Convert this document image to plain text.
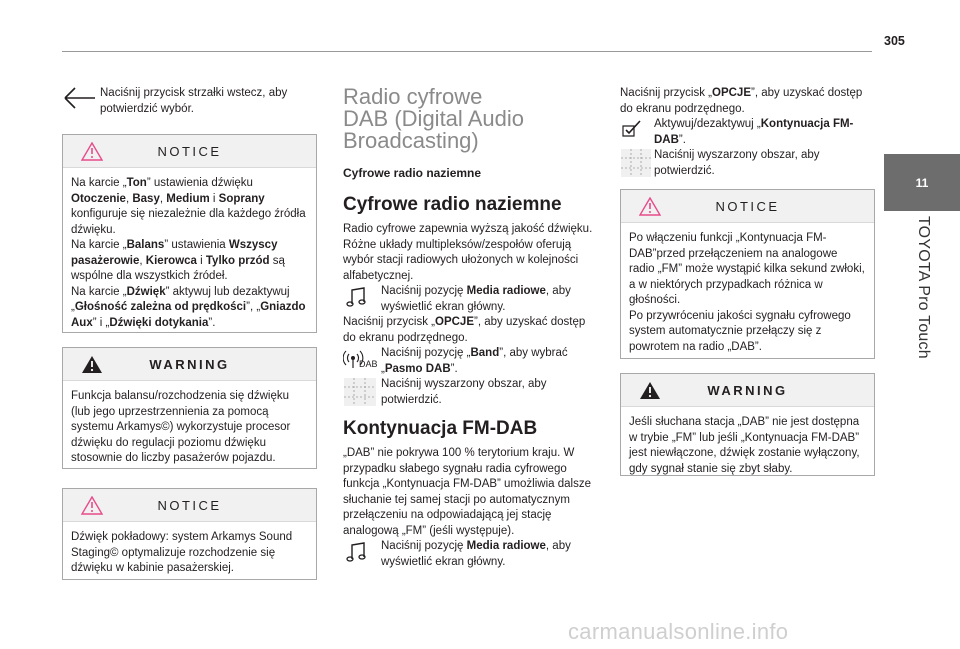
305
11
TOYOTA Pro Touch

Naciśnij przycisk strzałki wstecz, aby potwierdzić wybór.

NOTICE

Na karcie „Ton” ustawienia dźwięku Otoczenie, Basy, Medium i Soprany konfiguruje się niezależnie dla każdego źródła dźwięku.
Na karcie „Balans” ustawienia Wszyscy pasażerowie, Kierowca i Tylko przód są wspólne dla wszystkich źródeł.
Na karcie „Dźwięk” aktywuj lub dezaktywuj „Głośność zależna od prędkości”, „Gniazdo Aux” i „Dźwięki dotykania”.

WARNING

Funkcja balansu/rozchodzenia się dźwięku (lub jego uprzestrzennienia za pomocą systemu Arkamys©) wykorzystuje procesor dźwięku do regulacji poziomu dźwięku stosownie do liczby pasażerów pojazdu.

NOTICE

Dźwięk pokładowy: system Arkamys Sound Staging© optymalizuje rozchodzenie się dźwięku w kabinie pasażerskiej.

Radio cyfrowe
DAB (Digital Audio
Broadcasting)
Cyfrowe radio naziemne
Cyfrowe radio naziemne

Radio cyfrowe zapewnia wyższą jakość dźwięku. Różne układy multipleksów/zespołów oferują wybór stacji radiowych ułożonych w kolejności alfabetycznej.

Naciśnij pozycję Media radiowe, aby wyświetlić ekran główny.

Naciśnij przycisk „OPCJE”, aby uzyskać dostęp do ekranu podrzędnego.

DAB

Naciśnij pozycję „Band”, aby wybrać „Pasmo DAB”.

Naciśnij wyszarzony obszar, aby potwierdzić.

Kontynuacja FM-DAB

„DAB” nie pokrywa 100 % terytorium kraju. W przypadku słabego sygnału radia cyfrowego funkcja „Kontynuacja FM-DAB” umożliwia dalsze słuchanie tej samej stacji po automatycznym przełączeniu na odpowiadającą jej stację analogową „FM” (jeśli występuje).

Naciśnij pozycję Media radiowe, aby wyświetlić ekran główny.

Naciśnij przycisk „OPCJE”, aby uzyskać dostęp do ekranu podrzędnego.

Aktywuj/dezaktywuj „Kontynuacja FM-DAB”.

Naciśnij wyszarzony obszar, aby potwierdzić.

NOTICE

Po włączeniu funkcji „Kontynuacja FM-DAB”przed przełączeniem na analogowe radio „FM” może wystąpić kilka sekund zwłoki, a w niektórych przypadkach różnica w głośności.

Po przywróceniu jakości sygnału cyfrowego system automatycznie przełączy się z powrotem na radio „DAB”.

WARNING

Jeśli słuchana stacja „DAB” nie jest dostępna w trybie „FM” lub jeśli „Kontynuacja FM-DAB” jest niewłączone, dźwięk zostanie wyłączony, gdy sygnał stanie się zbyt słaby.

carmanualsonline.info
